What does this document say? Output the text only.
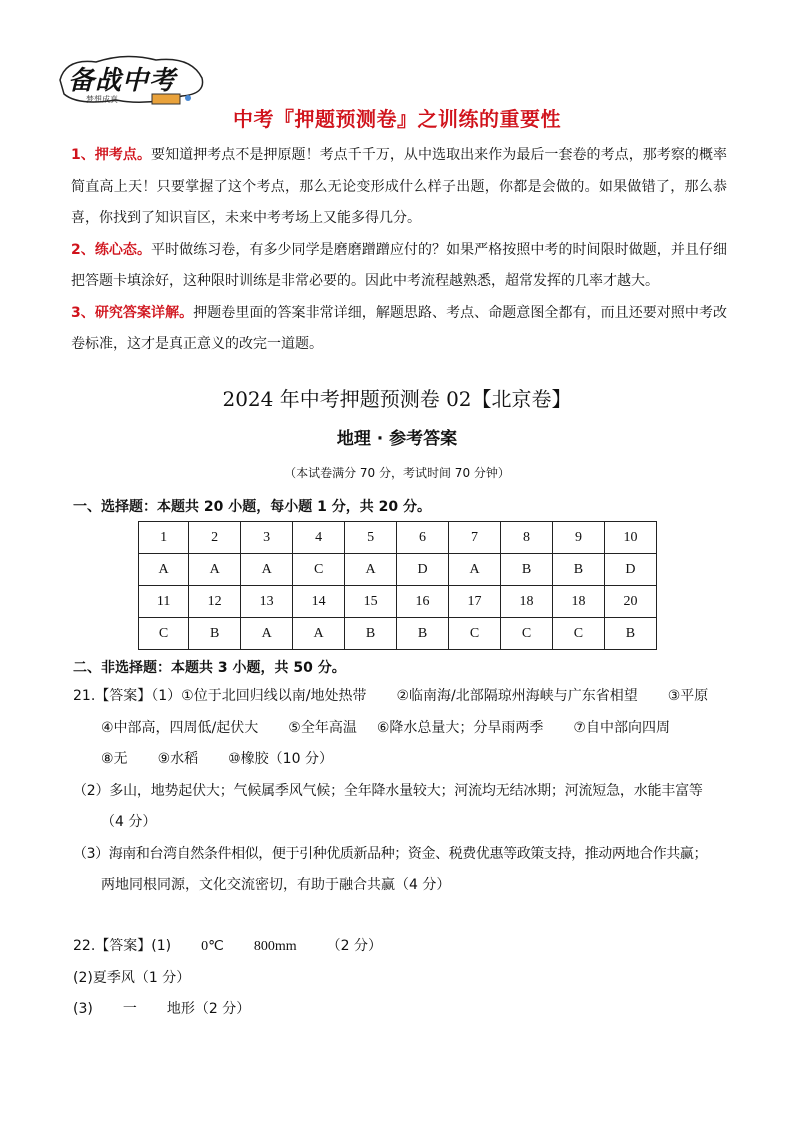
备战中考
梦想成真
中考『押题预测卷』之训练的重要性

1、押考点。要知道押考点不是押原题！考点千千万，从中选取出来作为最后一套卷的考点，那考察的概率简直高上天！只要掌握了这个考点，那么无论变形成什么样子出题，你都是会做的。如果做错了，那么恭喜，你找到了知识盲区，未来中考考场上又能多得几分。

2、练心态。平时做练习卷，有多少同学是磨磨蹭蹭应付的？如果严格按照中考的时间限时做题，并且仔细把答题卡填涂好，这种限时训练是非常必要的。因此中考流程越熟悉，超常发挥的几率才越大。

3、研究答案详解。押题卷里面的答案非常详细，解题思路、考点、命题意图全都有，而且还要对照中考改卷标准，这才是真正意义的改完一道题。

2024 年中考押题预测卷 02【北京卷】
地理 · 参考答案
（本试卷满分 70 分，考试时间 70 分钟）
一、选择题：本题共 20 小题，每小题 1 分，共 20 分。
1	2	3	4	5	6	7	8	9	10
A	A	A	C	A	D	A	B	B	D
11	12	13	14	15	16	17	18	18	20
C	B	A	A	B	B	C	C	C	B
二、非选择题：本题共 3 小题，共 50 分。

21.【答案】（1）①位于北回归线以南/地处热带 ②临南海/北部隔琼州海峡与广东省相望 ③平原

④中部高，四周低/起伏大 ⑤全年高温 ⑥降水总量大；分旱雨两季 ⑦自中部向四周

⑧无 ⑨水稻 ⑩橡胶（10 分）

（2）多山，地势起伏大；气候属季风气候；全年降水量较大；河流均无结冰期；河流短急，水能丰富等

（4 分）

（3）海南和台湾自然条件相似，便于引种优质新品种；资金、税费优惠等政策支持，推动两地合作共赢；

两地同根同源，文化交流密切，有助于融合共赢（4 分）

22.【答案】(1) 0℃ 800mm （2 分）

(2)夏季风（1 分）

(3) 一 地形（2 分）
